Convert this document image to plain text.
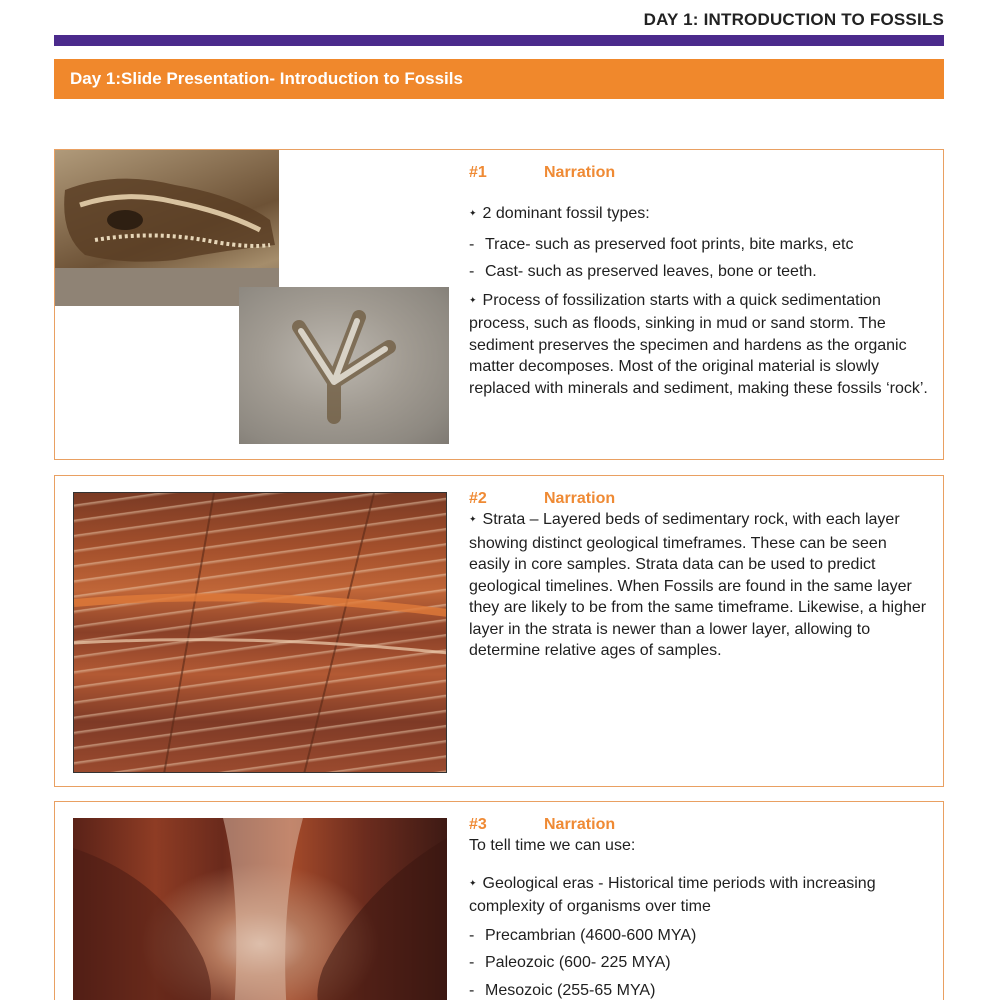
DAY 1: INTRODUCTION TO FOSSILS
Day 1:Slide Presentation- Introduction to Fossils
#1	Narration

✦ 2 dominant fossil types:

- Trace- such as preserved foot prints, bite marks, etc

- Cast- such as preserved leaves, bone or teeth.

✦ Process of fossilization starts with a quick sedimentation process, such as floods, sinking in mud or sand storm. The sediment preserves the specimen and hardens as the organic matter decomposes. Most of the original material is slowly replaced with minerals and sediment, making these fossils ‘rock’.

#2	Narration

✦ Strata – Layered beds of sedimentary rock, with each layer showing distinct geological timeframes. These can be seen easily in core samples. Strata data can be used to predict geological timelines. When Fossils are found in the same layer they are likely to be from the same timeframe. Likewise, a higher layer in the strata is newer than a lower layer, allowing to determine relative ages of samples.

#3	Narration

To tell time we can use:

✦ Geological eras - Historical time periods with increasing complexity of organisms over time

- Precambrian (4600-600 MYA)

- Paleozoic (600- 225 MYA)

- Mesozoic (255-65 MYA)
